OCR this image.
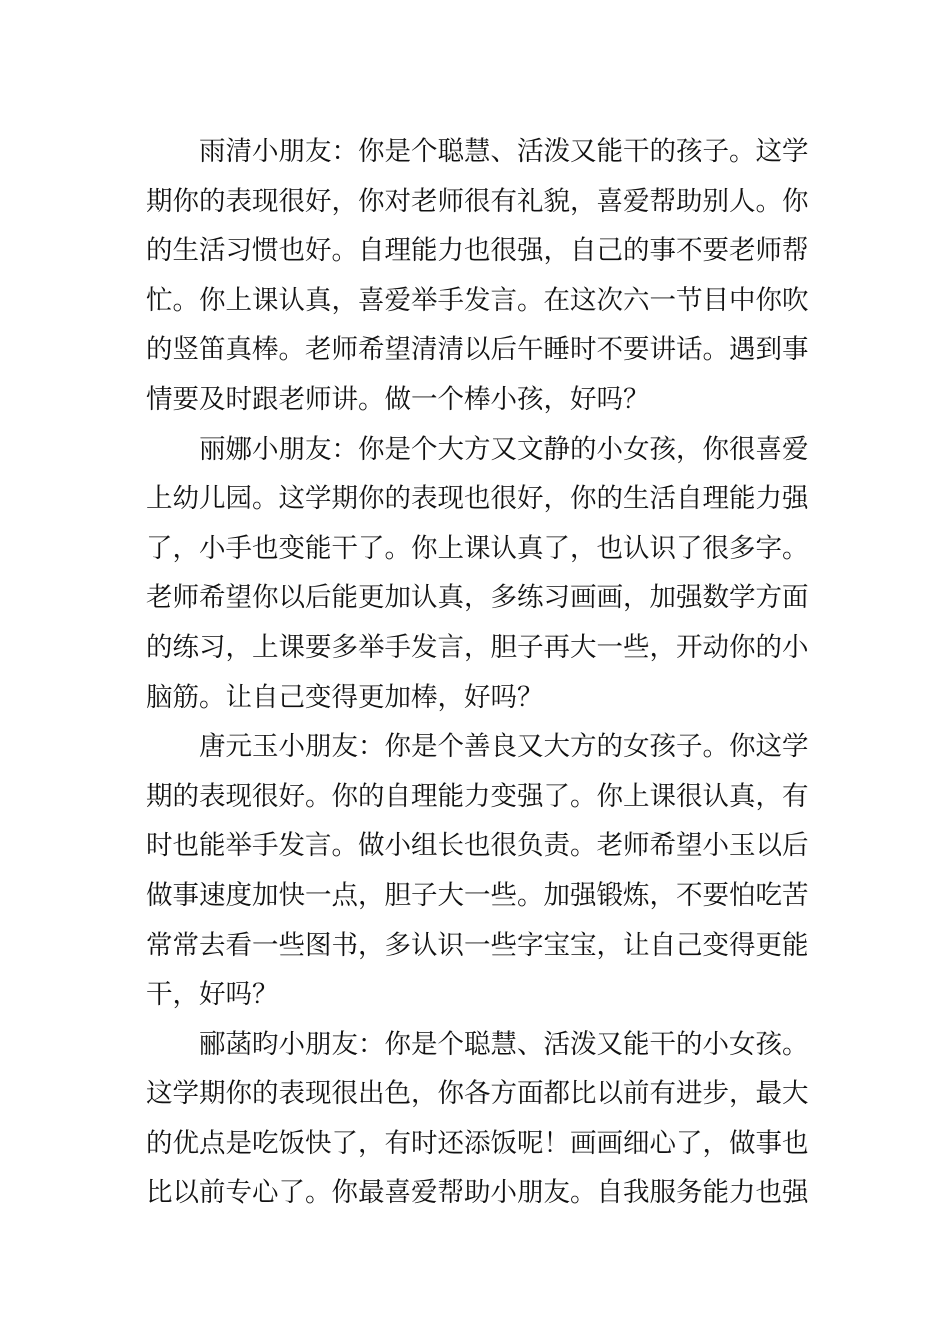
雨清小朋友：你是个聪慧、活泼又能干的孩子。这学
期你的表现很好，你对老师很有礼貌，喜爱帮助别人。你
的生活习惯也好。自理能力也很强，自己的事不要老师帮
忙。你上课认真，喜爱举手发言。在这次六一节目中你吹
的竖笛真棒。老师希望清清以后午睡时不要讲话。遇到事
情要及时跟老师讲。做一个棒小孩，好吗？
丽娜小朋友：你是个大方又文静的小女孩，你很喜爱
上幼儿园。这学期你的表现也很好，你的生活自理能力强
了，小手也变能干了。你上课认真了，也认识了很多字。
老师希望你以后能更加认真，多练习画画，加强数学方面
的练习，上课要多举手发言，胆子再大一些，开动你的小
脑筋。让自己变得更加棒，好吗？
唐元玉小朋友：你是个善良又大方的女孩子。你这学
期的表现很好。你的自理能力变强了。你上课很认真，有
时也能举手发言。做小组长也很负责。老师希望小玉以后
做事速度加快一点，胆子大一些。加强锻炼，不要怕吃苦
常常去看一些图书，多认识一些字宝宝，让自己变得更能
干，好吗？
郦菡昀小朋友：你是个聪慧、活泼又能干的小女孩。
这学期你的表现很出色，你各方面都比以前有进步，最大
的优点是吃饭快了，有时还添饭呢！画画细心了，做事也
比以前专心了。你最喜爱帮助小朋友。自我服务能力也强
